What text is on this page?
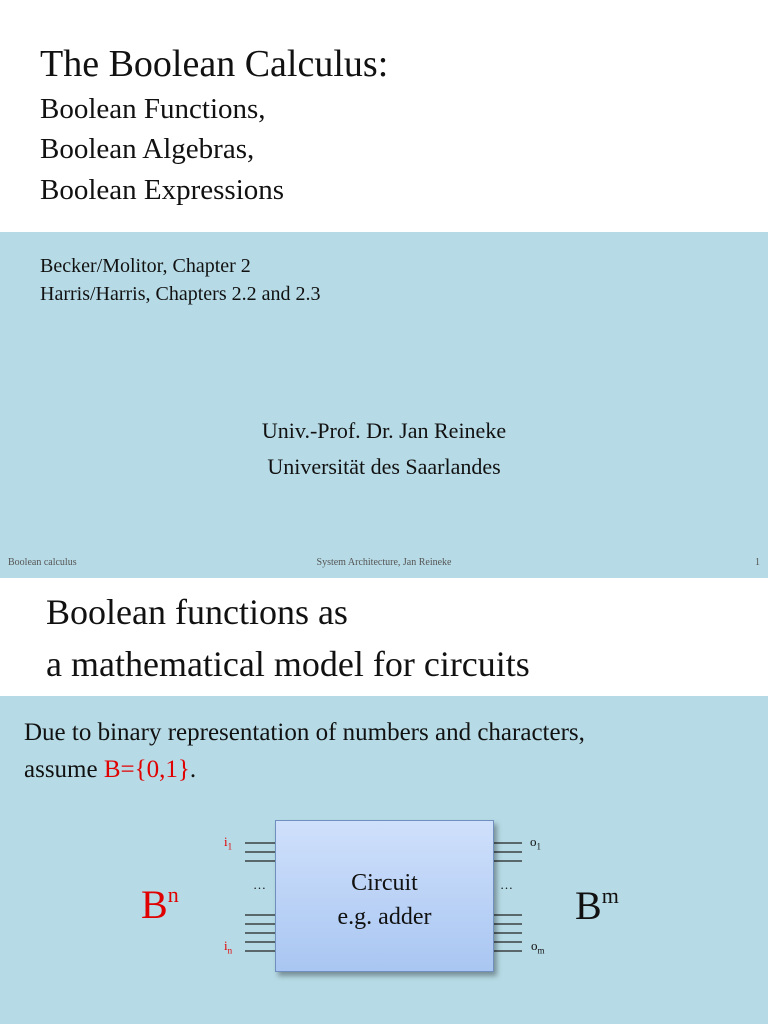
The Boolean Calculus:
Boolean Functions,
Boolean Algebras,
Boolean Expressions
Becker/Molitor, Chapter 2
Harris/Harris, Chapters 2.2 and 2.3
Univ.-Prof. Dr. Jan Reineke
Universität des Saarlandes
Boolean calculus	System Architecture, Jan Reineke	1
Boolean functions as
a mathematical model for circuits
Due to binary representation of numbers and characters,
assume B={0,1}.
Circuit
e.g. adder
$i_1$
$i_n$
$o_1$
$o_m$
…	…
$B^n$	$B^m$
